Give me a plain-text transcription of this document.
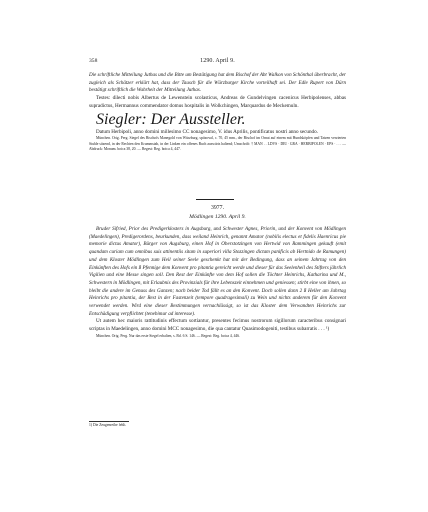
358	1290. April 9.

Die schriftliche Mitteilung Juthas und die Bitte um Bestätigung hat dem Bischof der Abt Walkon von Schönthal überbracht, der zugleich als Schätzer erklärt hat, dass der Tausch für die Würzburger Kirche vorteilhaft sei. Der Edle Rupert von Dürn bestätigt schriftlich die Wahrheit der Mitteilung Juthas.

Testes: dilecti nobis Albertus de Lewenstein scolasticus, Andreas de Gundelvingen cacenicus Herbipolenses, abbas supradictus, Hermannus commendator domus hospitalis in Wolkchingen, Marquardus de Meckemuln.

Siegler: Der Aussteller.

Datum Herbipoli, anno domini millesimo CC nonagesimo, V. idus Aprilis, pontificatus nostri anno secundo.

München. Orig. Perg. Siegel des Bischofs Manegold von Würzburg, spitzoval, c. 70, 45 mm., der Bischof im Ornat auf einem mit Hundsköpfen und Tatzen verzierten Stuhle sitzend, in der Rechten den Krummstab, in der Linken ein offenes Buch auswärts haltend; Umschrift: † MAN . . LDVS · DEI · GRA · HERBIPOLEN · EPS · . . . — Abdruck: Monum. boica 38, 20. — Regest: Reg. boica 4, 447.

3977.
Mödlingen 1290. April 9.

Bruder Sifried, Prior des Predigerklosters in Augsburg, und Schwester Agnes, Priorin, und der Konvent von Mödlingen (Maedelingen), Predigerordens, beurkunden, dass weiland Heinrich, genannt Amator (nobilis electus et fidelis Haenricus pie memorie dictus Amator), Bürger von Augsburg, einen Hof in Oberstotzingen von Hertwid von Rammingen gekauft (emit quandam curiam cum omnibus suis attinentiis sitam in superiori villa Stozzingen dictam panificis ab Hertnido de Ramungen) und dem Kloster Mödlingen zum Heil seiner Seele geschenkt hat mit der Bedingung, dass an seinem Jahrtag von den Einkünften des Hofs ein ß Pfennige dem Konvent pro pitantia gereicht werde und dieser für das Seelenheil des Stifters jährlich Vigilien und eine Messe singen soll. Den Rest der Einkünfte von dem Hof sollen die Töchter Heinrichs, Katharina und M., Schwestern in Mödlingen, mit Erlaubnis des Provinzials für ihre Lebenszeit einnehmen und geniessen; stirbt eine von ihnen, so bleibt die andere im Genuss des Ganzen; nach beider Tod fällt es an den Konvent. Doch sollen dann 2 ß Heller am Jahrtag Heinrichs pro pitantia, der Rest in der Fastenzeit (tempore quadragesimali) zu Wein und nichts anderem für den Konvent verwendet werden. Wird eine dieser Bestimmungen vernachlässigt, so ist das Kloster dem Verwandten Heinrichs zur Entschädigung verpflichtet (tenebimur ad interesse).

Ut autem hec maioris rattitudinis effectum sortiantur, presentes fecimus nostrorum sigillorum caracteribus consignari scriptas in Maedelingen, anno domini MCC nonagesimo, die qua cantatur Quasimodogeniti, testibus subarratis . . . ¹)

München. Orig. Perg. Nur das erste Siegel erhalten, s. Bd. 6 S. 146. — Regest: Reg. boica 4, 446.

1) Die Zeugenreihe fehlt.
